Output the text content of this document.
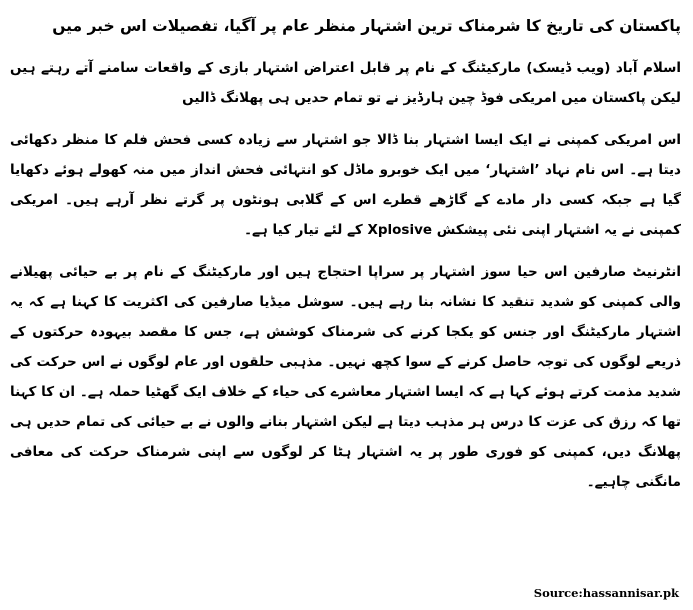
پاکستان کی تاریخ کا شرمناک ترین اشتہار منظر عام پر آگیا، تفصیلات اس خبر میں
اسلام آباد (ویب ڈیسک) مارکیٹنگ کے نام پر قابل اعتراض اشتہار بازی کے واقعات سامنے آتے رہتے ہیں لیکن پاکستان میں امریکی فوڈ چین ہارڈیز نے تو تمام حدیں ہی پھلانگ ڈالیں
اس امریکی کمپنی نے ایک ایسا اشتہار بنا ڈالا جو اشتہار سے زیادہ کسی فحش فلم کا منظر دکھائی دیتا ہے۔ اس نام نہاد ’اشتہار‘ میں ایک خوبرو ماڈل کو انتہائی فحش انداز میں منہ کھولے ہوئے دکھایا گیا ہے جبکہ کسی دار مادے کے گاڑھے قطرے اس کے گلابی ہونٹوں پر گرتے نظر آرہے ہیں۔ امریکی کمپنی نے یہ اشتہار اپنی نئی پیشکش Xplosive کے لئے تیار کیا ہے۔
انٹرنیٹ صارفین اس حیا سوز اشتہار پر سراپا احتجاج ہیں اور مارکیٹنگ کے نام پر بے حیائی پھیلانے والی کمپنی کو شدید تنقید کا نشانہ بنا رہے ہیں۔ سوشل میڈیا صارفین کی اکثریت کا کہنا ہے کہ یہ اشتہار مارکیٹنگ اور جنس کو یکجا کرنے کی شرمناک کوشش ہے، جس کا مقصد بیہودہ حرکتوں کے ذریعے لوگوں کی توجہ حاصل کرنے کے سوا کچھ نہیں۔ مذہبی حلقوں اور عام لوگوں نے اس حرکت کی شدید مذمت کرتے ہوئے کہا ہے کہ ایسا اشتہار معاشرے کی حیاء کے خلاف ایک گھٹیا حملہ ہے۔ ان کا کہنا تھا کہ رزق کی عزت کا درس ہر مذہب دیتا ہے لیکن اشتہار بنانے والوں نے بے حیائی کی تمام حدیں ہی پھلانگ دیں، کمپنی کو فوری طور پر یہ اشتہار ہٹا کر لوگوں سے اپنی شرمناک حرکت کی معافی مانگنی چاہیے۔
Source:hassannisar.pk
